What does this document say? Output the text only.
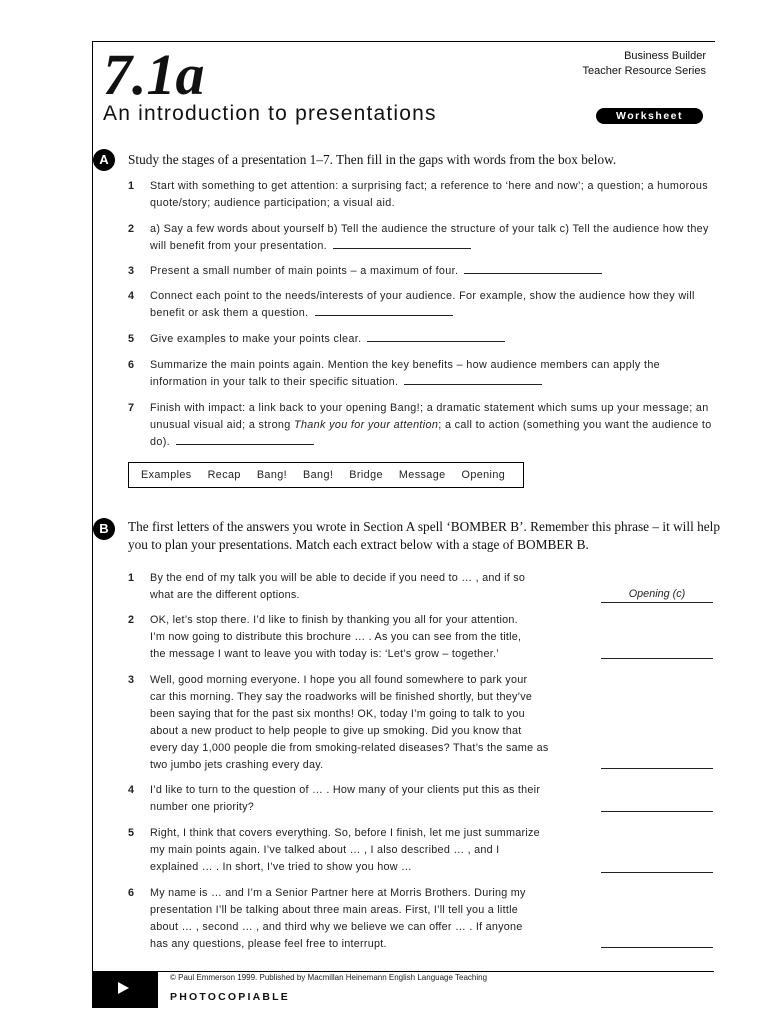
7.1a
An introduction to presentations
Business Builder
Teacher Resource Series
Worksheet
A	Study the stages of a presentation 1–7. Then fill in the gaps with words from the box below.
1 Start with something to get attention: a surprising fact; a reference to ‘here and now’; a question; a humorous quote/story; audience participation; a visual aid.
2 a) Say a few words about yourself b) Tell the audience the structure of your talk c) Tell the audience how they will benefit from your presentation.
3 Present a small number of main points – a maximum of four.
4 Connect each point to the needs/interests of your audience. For example, show the audience how they will benefit or ask them a question.
5 Give examples to make your points clear.
6 Summarize the main points again. Mention the key benefits – how audience members can apply the information in your talk to their specific situation.
7 Finish with impact: a link back to your opening Bang!; a dramatic statement which sums up your message; an unusual visual aid; a strong Thank you for your attention; a call to action (something you want the audience to do).
Examples Recap Bang! Bang! Bridge Message Opening
B	The first letters of the answers you wrote in Section A spell ‘BOMBER B’. Remember this phrase – it will help you to plan your presentations. Match each extract below with a stage of BOMBER B.
1 By the end of my talk you will be able to decide if you need to … , and if so
what are the different options.	Opening (c)
2 OK, let’s stop there. I’d like to finish by thanking you all for your attention.
I’m now going to distribute this brochure … . As you can see from the title,
the message I want to leave you with today is: ‘Let’s grow – together.’
3 Well, good morning everyone. I hope you all found somewhere to park your
car this morning. They say the roadworks will be finished shortly, but they’ve
been saying that for the past six months! OK, today I’m going to talk to you
about a new product to help people to give up smoking. Did you know that
every day 1,000 people die from smoking-related diseases? That’s the same as
two jumbo jets crashing every day.
4 I’d like to turn to the question of … . How many of your clients put this as their
number one priority?
5 Right, I think that covers everything. So, before I finish, let me just summarize
my main points again. I’ve talked about … , I also described … , and I
explained … . In short, I’ve tried to show you how …
6 My name is … and I’m a Senior Partner here at Morris Brothers. During my
presentation I’ll be talking about three main areas. First, I’ll tell you a little
about … , second … , and third why we believe we can offer … . If anyone
has any questions, please feel free to interrupt.
© Paul Emmerson 1999. Published by Macmillan Heinemann English Language Teaching
PHOTOCOPIABLE
